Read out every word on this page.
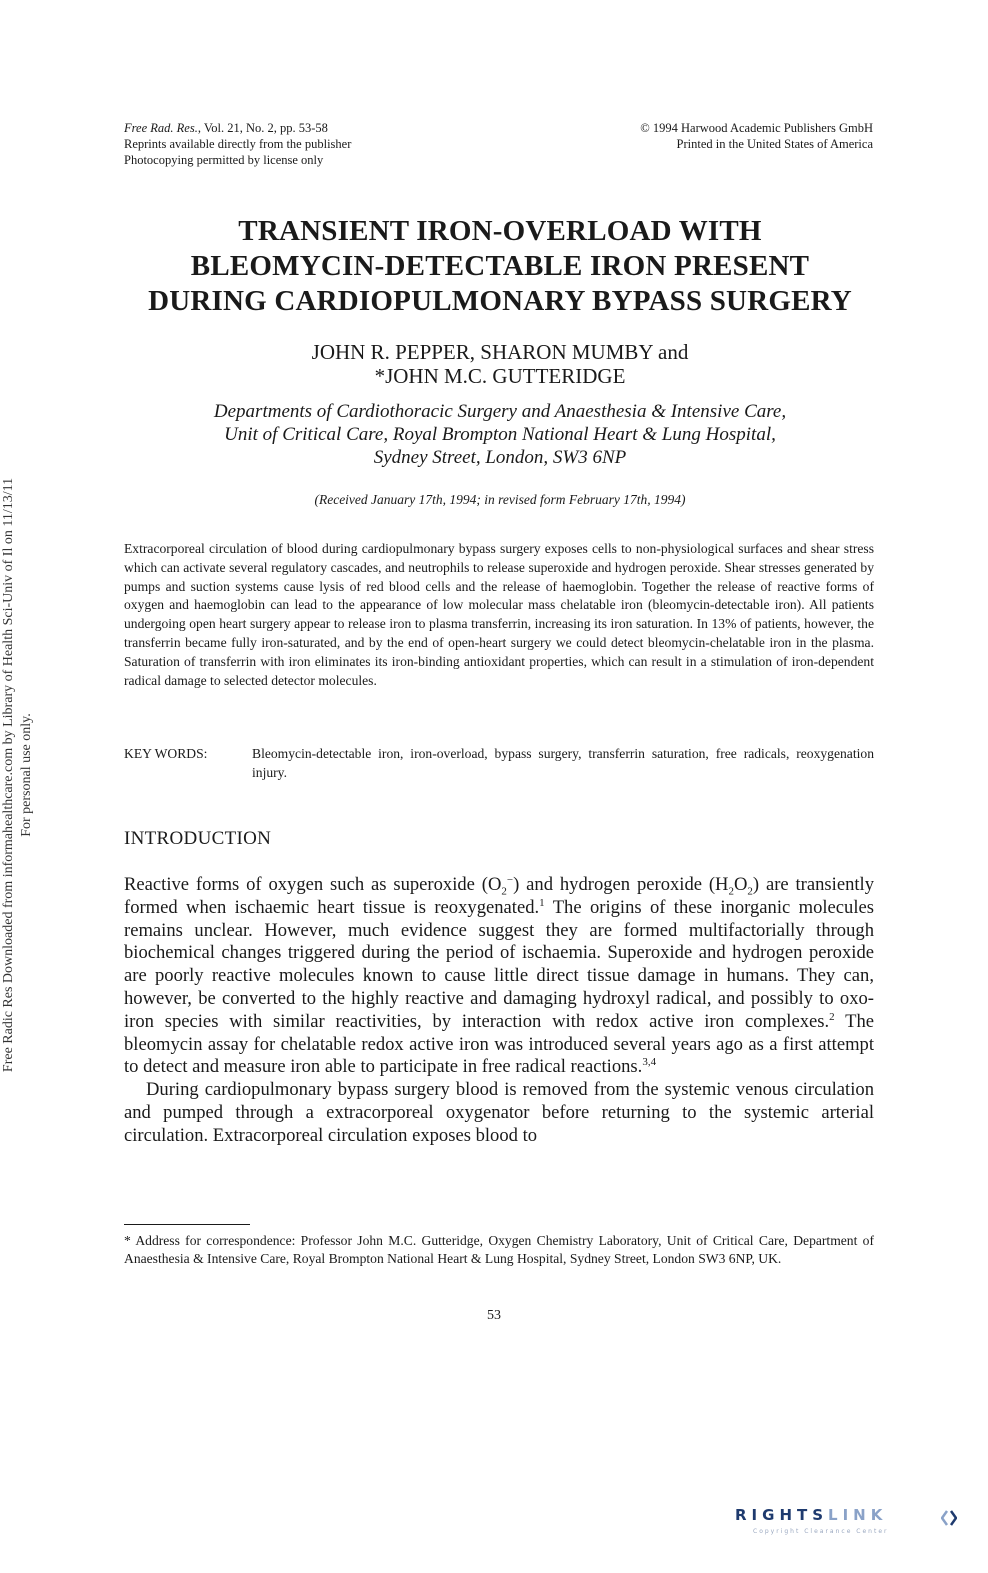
Free Rad. Res., Vol. 21, No. 2, pp. 53-58
Reprints available directly from the publisher
Photocopying permitted by license only
© 1994 Harwood Academic Publishers GmbH
Printed in the United States of America
TRANSIENT IRON-OVERLOAD WITH
BLEOMYCIN-DETECTABLE IRON PRESENT
DURING CARDIOPULMONARY BYPASS SURGERY
JOHN R. PEPPER, SHARON MUMBY and
*JOHN M.C. GUTTERIDGE
Departments of Cardiothoracic Surgery and Anaesthesia & Intensive Care,
Unit of Critical Care, Royal Brompton National Heart & Lung Hospital,
Sydney Street, London, SW3 6NP
(Received January 17th, 1994; in revised form February 17th, 1994)
Extracorporeal circulation of blood during cardiopulmonary bypass surgery exposes cells to non-physiological surfaces and shear stress which can activate several regulatory cascades, and neutrophils to release superoxide and hydrogen peroxide. Shear stresses generated by pumps and suction systems cause lysis of red blood cells and the release of haemoglobin. Together the release of reactive forms of oxygen and haemoglobin can lead to the appearance of low molecular mass chelatable iron (bleomycin-detectable iron). All patients undergoing open heart surgery appear to release iron to plasma transferrin, increasing its iron saturation. In 13% of patients, however, the transferrin became fully iron-saturated, and by the end of open-heart surgery we could detect bleomycin-chelatable iron in the plasma. Saturation of transferrin with iron eliminates its iron-binding antioxidant properties, which can result in a stimulation of iron-dependent radical damage to selected detector molecules.
KEY WORDS:	Bleomycin-detectable iron, iron-overload, bypass surgery, transferrin saturation, free radicals, reoxygenation injury.
INTRODUCTION

Reactive forms of oxygen such as superoxide $(O_2^-)$ and hydrogen peroxide $(H_2O_2)$ are transiently formed when ischaemic heart tissue is reoxygenated.$^1$ The origins of these inorganic molecules remains unclear. However, much evidence suggest they are formed multifactorially through biochemical changes triggered during the period of ischaemia. Superoxide and hydrogen peroxide are poorly reactive molecules known to cause little direct tissue damage in humans. They can, however, be converted to the highly reactive and damaging hydroxyl radical, and possibly to oxo-iron species with similar reactivities, by interaction with redox active iron complexes.$^2$ The bleomycin assay for chelatable redox active iron was introduced several years ago as a first attempt to detect and measure iron able to participate in free radical reactions.$^{3,4}$

During cardiopulmonary bypass surgery blood is removed from the systemic venous circulation and pumped through a extracorporeal oxygenator before returning to the systemic arterial circulation. Extracorporeal circulation exposes blood to

* Address for correspondence: Professor John M.C. Gutteridge, Oxygen Chemistry Laboratory, Unit of Critical Care, Department of Anaesthesia & Intensive Care, Royal Brompton National Heart & Lung Hospital, Sydney Street, London SW3 6NP, UK.
53
Free Radic Res Downloaded from informahealthcare.com by Library of Health Sci-Univ of Il on 11/13/11 For personal use only.
RIGHTSLINK
Copyright Clearance Center
